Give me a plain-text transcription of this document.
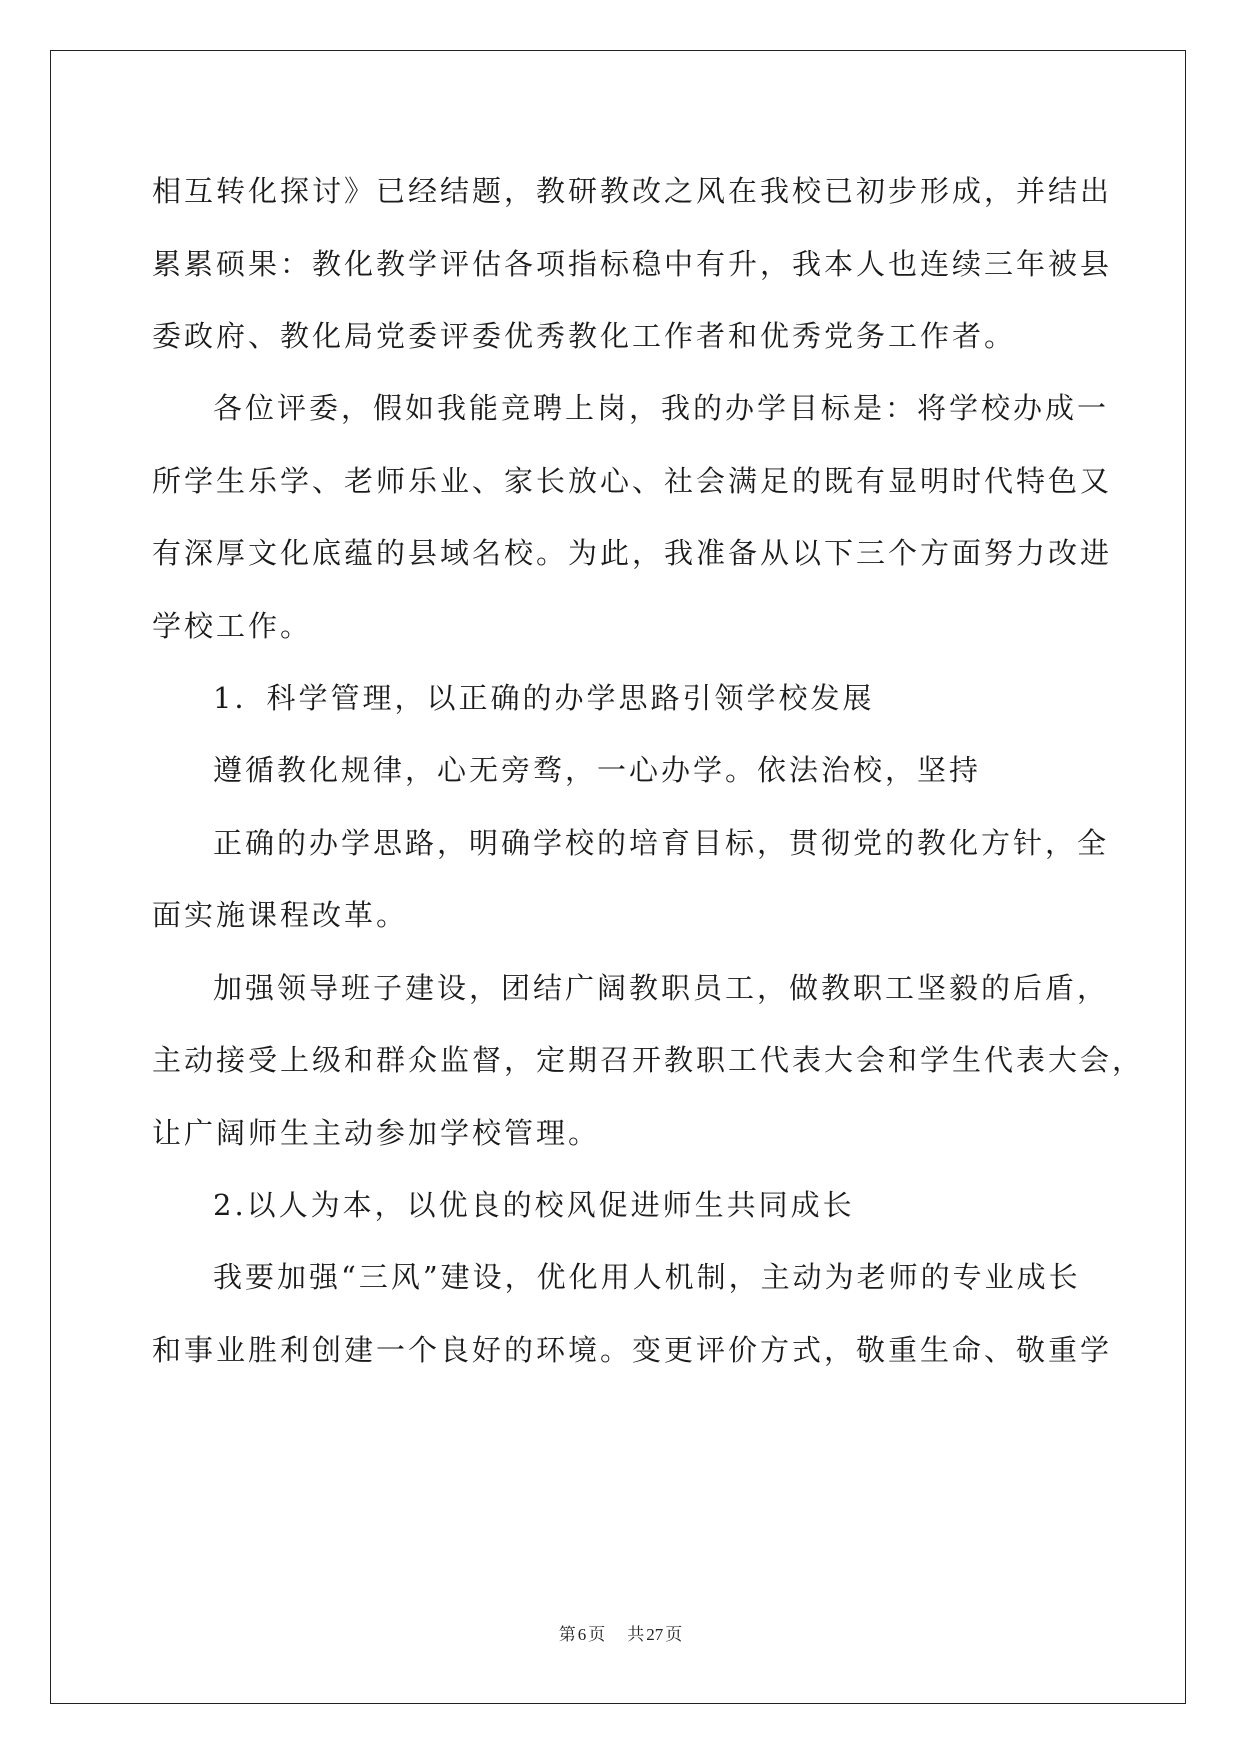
相互转化探讨》已经结题，教研教改之风在我校已初步形成，并结出
累累硕果：教化教学评估各项指标稳中有升，我本人也连续三年被县
委政府、教化局党委评委优秀教化工作者和优秀党务工作者。
各位评委，假如我能竞聘上岗，我的办学目标是：将学校办成一
所学生乐学、老师乐业、家长放心、社会满足的既有显明时代特色又
有深厚文化底蕴的县域名校。为此，我准备从以下三个方面努力改进
学校工作。
1．科学管理，以正确的办学思路引领学校发展
遵循教化规律，心无旁骛，一心办学。依法治校，坚持
正确的办学思路，明确学校的培育目标，贯彻党的教化方针，全
面实施课程改革。
加强领导班子建设，团结广阔教职员工，做教职工坚毅的后盾，
主动接受上级和群众监督，定期召开教职工代表大会和学生代表大会，
让广阔师生主动参加学校管理。
2.以人为本，以优良的校风促进师生共同成长
我要加强“三风”建设，优化用人机制，主动为老师的专业成长
和事业胜利创建一个良好的环境。变更评价方式，敬重生命、敬重学
第 6 页 共 27 页
